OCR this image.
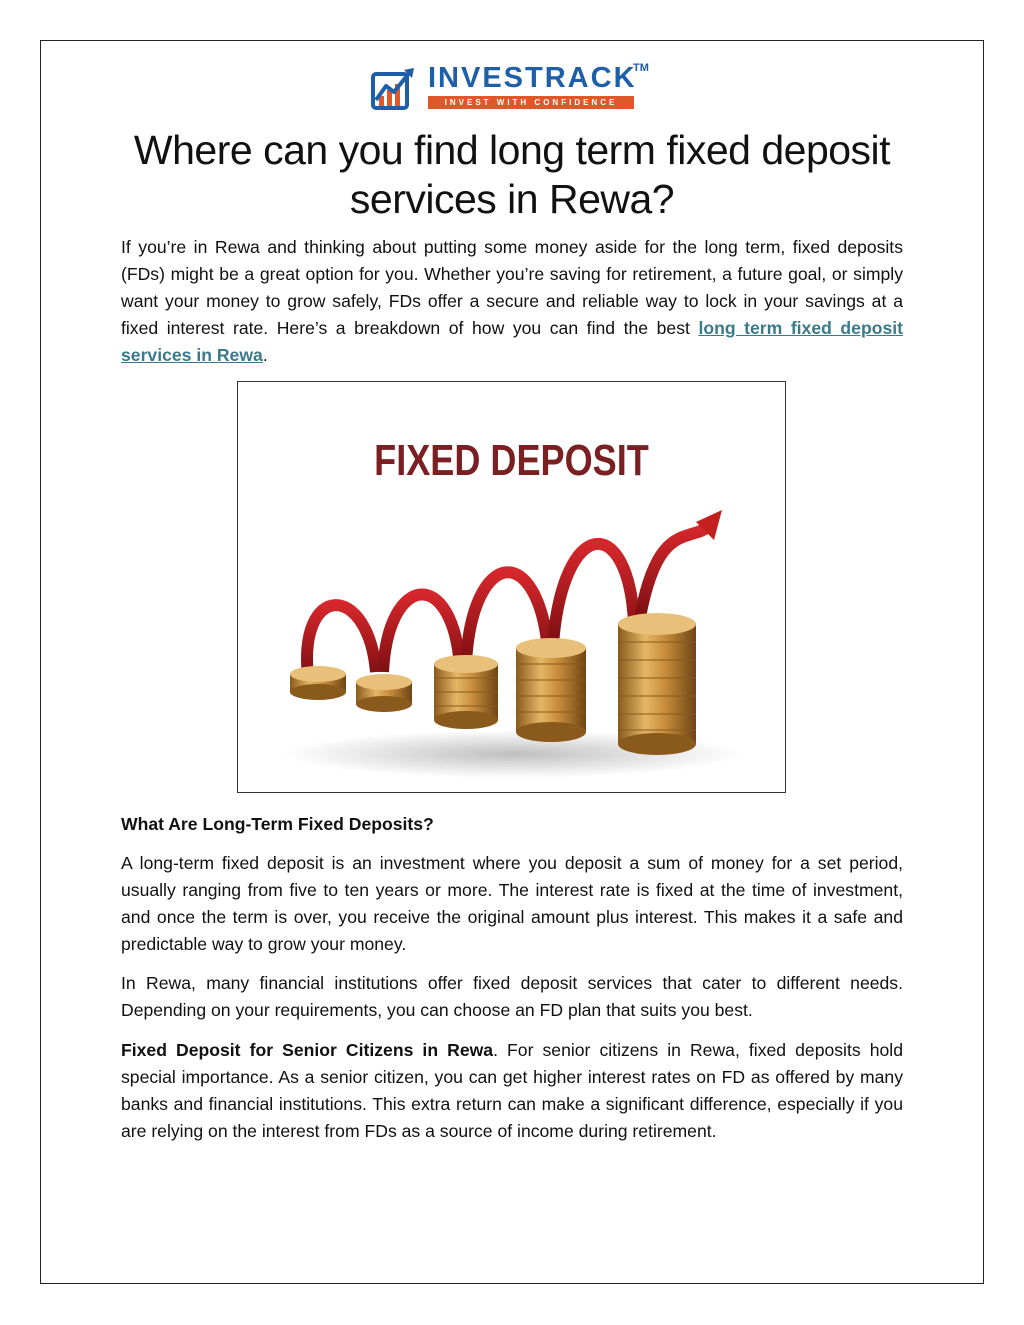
INVESTRACK
TM
INVEST WITH CONFIDENCE
Where can you find long term fixed deposit services in Rewa?

If you’re in Rewa and thinking about putting some money aside for the long term, fixed deposits (FDs) might be a great option for you. Whether you’re saving for retirement, a future goal, or simply want your money to grow safely, FDs offer a secure and reliable way to lock in your savings at a fixed interest rate. Here’s a breakdown of how you can find the best long term fixed deposit services in Rewa.

FIXED DEPOSIT
What Are Long-Term Fixed Deposits?

A long-term fixed deposit is an investment where you deposit a sum of money for a set period, usually ranging from five to ten years or more. The interest rate is fixed at the time of investment, and once the term is over, you receive the original amount plus interest. This makes it a safe and predictable way to grow your money.

In Rewa, many financial institutions offer fixed deposit services that cater to different needs. Depending on your requirements, you can choose an FD plan that suits you best.

Fixed Deposit for Senior Citizens in Rewa. For senior citizens in Rewa, fixed deposits hold special importance. As a senior citizen, you can get higher interest rates on FD as offered by many banks and financial institutions. This extra return can make a significant difference, especially if you are relying on the interest from FDs as a source of income during retirement.
